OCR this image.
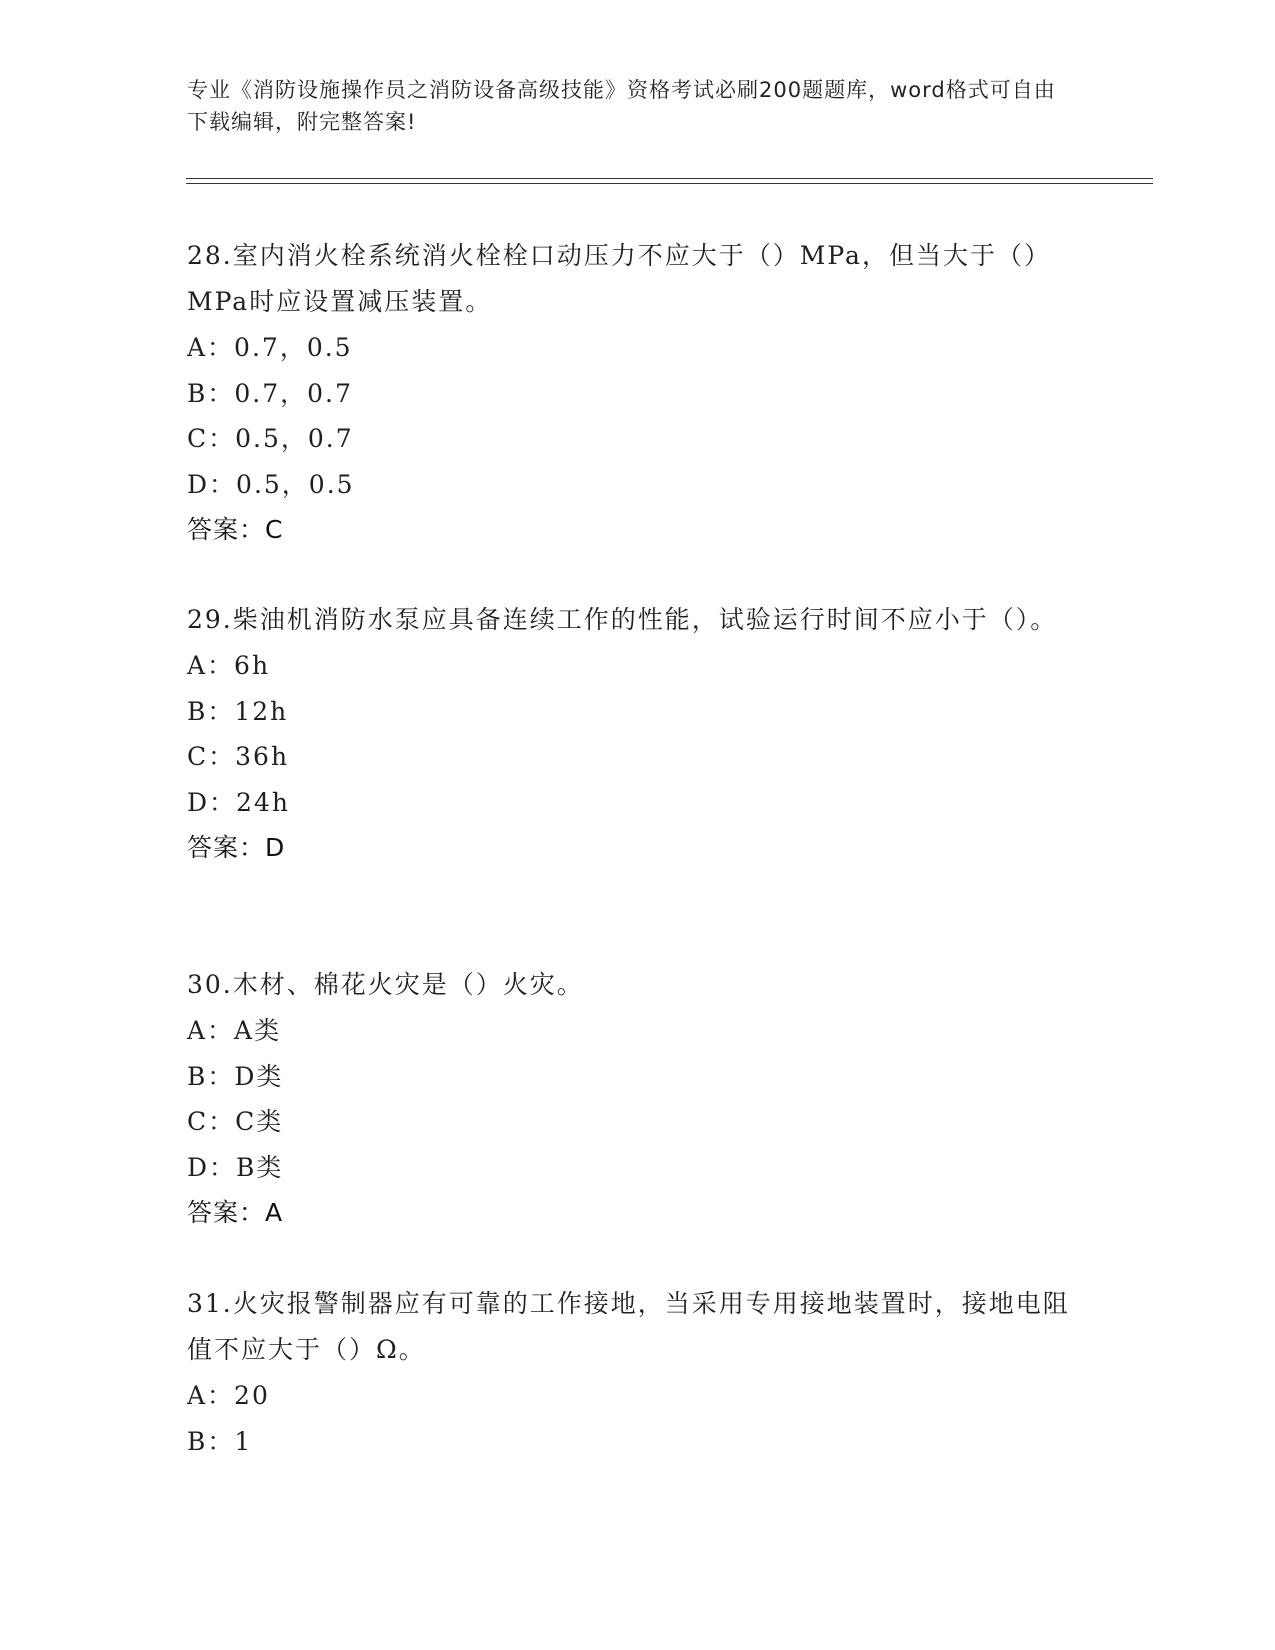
专业《消防设施操作员之消防设备高级技能》资格考试必刷200题题库，word格式可自由下载编辑，附完整答案!
28.室内消火栓系统消火栓栓口动压力不应大于（）MPa，但当大于（）MPa时应设置减压装置。
A：0.7，0.5
B：0.7，0.7
C：0.5，0.7
D：0.5，0.5
答案：C
29.柴油机消防水泵应具备连续工作的性能，试验运行时间不应小于（）。
A：6h
B：12h
C：36h
D：24h
答案：D
30.木材、棉花火灾是（）火灾。
A：A类
B：D类
C：C类
D：B类
答案：A
31.火灾报警制器应有可靠的工作接地，当采用专用接地装置时，接地电阻值不应大于（）Ω。
A：20
B：1
